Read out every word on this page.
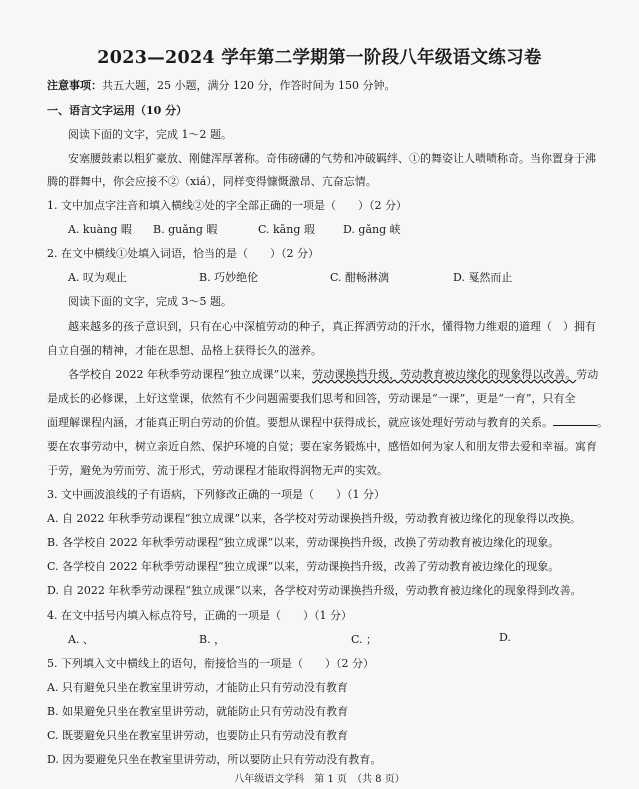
2023—2024 学年第二学期第一阶段八年级语文练习卷
注意事项：共五大题，25 小题，满分 120 分，作答时间为 150 分钟。
一、语言文字运用（10 分）
阅读下面的文字，完成 1～2 题。
安塞腰鼓素以粗犷豪放、刚健浑厚著称。奇伟磅礴的气势和冲破羁绊、①的舞姿让人啧啧称奇。当你置身于沸
腾的群舞中，你会应接不②（xiá），同样变得慷慨激昂、亢奋忘情。
1. 文中加点字注音和填入横线②处的字全部正确的一项是（　　）（2 分）
A. kuàng 暇 B. guǎng 暇	C. kāng 瑕	D. gǎng 峡
2. 在文中横线①处填入词语，恰当的是（　　）（2 分）
A. 叹为观止	B. 巧妙绝伦	C. 酣畅淋漓	D. 戛然而止
阅读下面的文字，完成 3～5 题。
越来越多的孩子意识到，只有在心中深植劳动的种子，真正挥洒劳动的汗水，懂得物力维艰的道理（　）拥有
自立自强的精神，才能在思想、品格上获得长久的滋养。
各学校自 2022 年秋季劳动课程“独立成课”以来，劳动课换挡升级，劳动教育被边缘化的现象得以改善。劳动
是成长的必修课，上好这堂课，依然有不少问题需要我们思考和回答，劳动课是“一课”，更是“一育”，只有全
面理解课程内涵，才能真正明白劳动的价值。要想从课程中获得成长，就应该处理好劳动与教育的关系。	。
要在农事劳动中，树立亲近自然、保护环境的自觉；要在家务锻炼中，感悟如何为家人和朋友带去爱和幸福。寓育
于劳，避免为劳而劳、流于形式，劳动课程才能取得润物无声的实效。
3. 文中画波浪线的子有语病，下列修改正确的一项是（　　）（1 分）
A. 自 2022 年秋季劳动课程“独立成课”以来，各学校对劳动课换挡升级，劳动教育被边缘化的现象得以改换。
B. 各学校自 2022 年秋季劳动课程“独立成课”以来，劳动课换挡升级，改换了劳动教育被边缘化的现象。
C. 各学校自 2022 年秋季劳动课程“独立成课”以来，劳动课换挡升级，改善了劳动教育被边缘化的现象。
D. 自 2022 年秋季劳动课程“独立成课”以来，各学校对劳动课换挡升级，劳动教育被边缘化的现象得到改善。
4. 在文中括号内填入标点符号，正确的一项是（　　）（1 分）
A. 、	B. ，	C. ；	D.
5. 下列填入文中横线上的语句，衔接恰当的一项是（　　）（2 分）
A. 只有避免只坐在教室里讲劳动，才能防止只有劳动没有教育
B. 如果避免只坐在教室里讲劳动，就能防止只有劳动没有教育
C. 既要避免只坐在教室里讲劳动，也要防止只有劳动没有教育
D. 因为要避免只坐在教室里讲劳动，所以要防止只有劳动没有教育。
八年级语文学科　第 1 页　（共 8 页）
